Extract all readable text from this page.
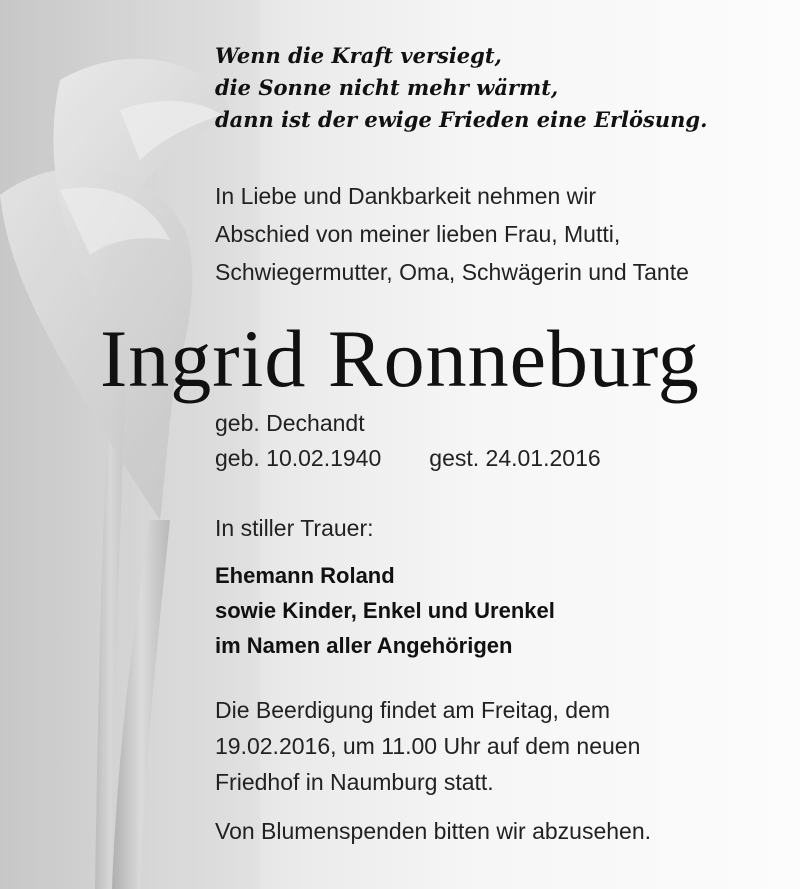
Wenn die Kraft versiegt,
die Sonne nicht mehr wärmt,
dann ist der ewige Frieden eine Erlösung.
In Liebe und Dankbarkeit nehmen wir
Abschied von meiner lieben Frau, Mutti,
Schwiegermutter, Oma, Schwägerin und Tante
Ingrid Ronneburg
geb. Dechandt
geb. 10.02.1940 gest. 24.01.2016
In stiller Trauer:
Ehemann Roland
sowie Kinder, Enkel und Urenkel
im Namen aller Angehörigen
Die Beerdigung findet am Freitag, dem
19.02.2016, um 11.00 Uhr auf dem neuen
Friedhof in Naumburg statt.
Von Blumenspenden bitten wir abzusehen.
